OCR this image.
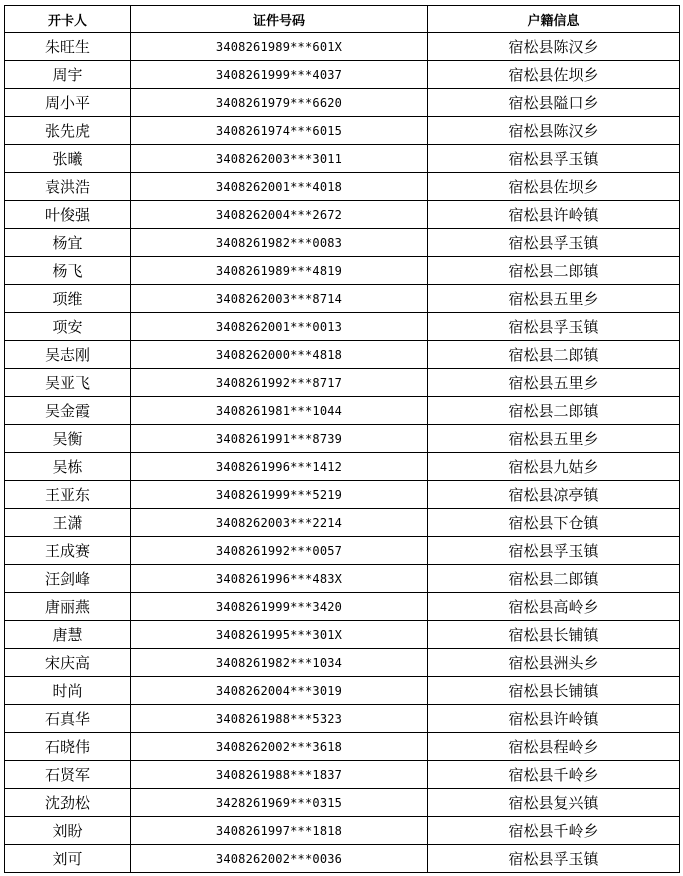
开卡人	证件号码	户籍信息
朱旺生	3408261989***601X	宿松县陈汉乡
周宇	3408261999***4037	宿松县佐坝乡
周小平	3408261979***6620	宿松县隘口乡
张先虎	3408261974***6015	宿松县陈汉乡
张曦	3408262003***3011	宿松县孚玉镇
袁洪浩	3408262001***4018	宿松县佐坝乡
叶俊强	3408262004***2672	宿松县许岭镇
杨宜	3408261982***0083	宿松县孚玉镇
杨飞	3408261989***4819	宿松县二郎镇
项维	3408262003***8714	宿松县五里乡
项安	3408262001***0013	宿松县孚玉镇
吴志刚	3408262000***4818	宿松县二郎镇
吴亚飞	3408261992***8717	宿松县五里乡
吴金霞	3408261981***1044	宿松县二郎镇
吴衡	3408261991***8739	宿松县五里乡
吴栋	3408261996***1412	宿松县九姑乡
王亚东	3408261999***5219	宿松县凉亭镇
王潇	3408262003***2214	宿松县下仓镇
王成赛	3408261992***0057	宿松县孚玉镇
汪剑峰	3408261996***483X	宿松县二郎镇
唐丽燕	3408261999***3420	宿松县高岭乡
唐慧	3408261995***301X	宿松县长铺镇
宋庆高	3408261982***1034	宿松县洲头乡
时尚	3408262004***3019	宿松县长铺镇
石真华	3408261988***5323	宿松县许岭镇
石晓伟	3408262002***3618	宿松县程岭乡
石贤军	3408261988***1837	宿松县千岭乡
沈劲松	3428261969***0315	宿松县复兴镇
刘盼	3408261997***1818	宿松县千岭乡
刘可	3408262002***0036	宿松县孚玉镇
